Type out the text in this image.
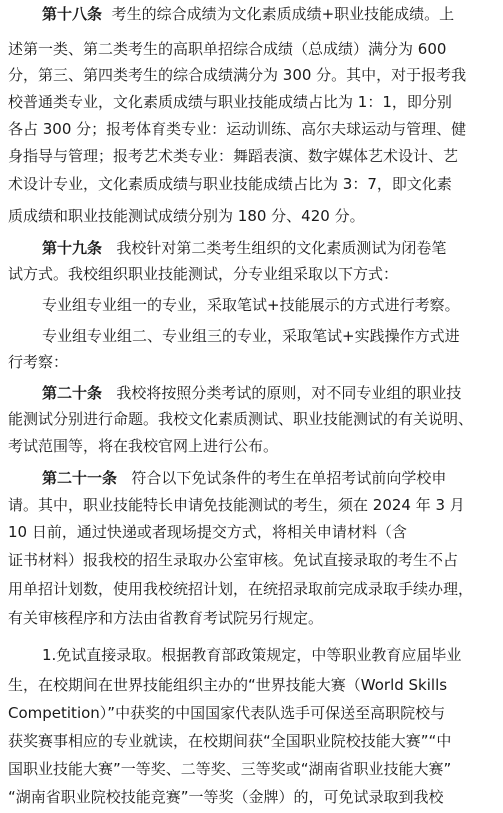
第十八条 考生的综合成绩为文化素质成绩+职业技能成绩。上
述第一类、第二类考生的高职单招综合成绩（总成绩）满分为 600
分，第三、第四类考生的综合成绩满分为 300 分。其中，对于报考我
校普通类专业，文化素质成绩与职业技能成绩占比为 1：1，即分别
各占 300 分；报考体育类专业：运动训练、高尔夫球运动与管理、健
身指导与管理；报考艺术类专业：舞蹈表演、数字媒体艺术设计、艺
术设计专业，文化素质成绩与职业技能成绩占比为 3：7，即文化素
质成绩和职业技能测试成绩分别为 180 分、420 分。
第十九条 我校针对第二类考生组织的文化素质测试为闭卷笔
试方式。我校组织职业技能测试，分专业组采取以下方式：
专业组专业组一的专业，采取笔试+技能展示的方式进行考察。
专业组专业组二、专业组三的专业，采取笔试+实践操作方式进
行考察：
第二十条 我校将按照分类考试的原则，对不同专业组的职业技
能测试分别进行命题。我校文化素质测试、职业技能测试的有关说明、
考试范围等，将在我校官网上进行公布。
第二十一条 符合以下免试条件的考生在单招考试前向学校申
请。其中，职业技能特长申请免技能测试的考生，须在 2024 年 3 月
10 日前，通过快递或者现场提交方式，将相关申请材料（含
证书材料）报我校的招生录取办公室审核。免试直接录取的考生不占
用单招计划数，使用我校统招计划，在统招录取前完成录取手续办理，
有关审核程序和方法由省教育考试院另行规定。
1.免试直接录取。根据教育部政策规定，中等职业教育应届毕业
生，在校期间在世界技能组织主办的“世界技能大赛（World Skills
Competition）”中获奖的中国国家代表队选手可保送至高职院校与
获奖赛事相应的专业就读，在校期间获“全国职业院校技能大赛”“中
国职业技能大赛”一等奖、二等奖、三等奖或“湖南省职业技能大赛”
“湖南省职业院校技能竞赛”一等奖（金牌）的，可免试录取到我校
